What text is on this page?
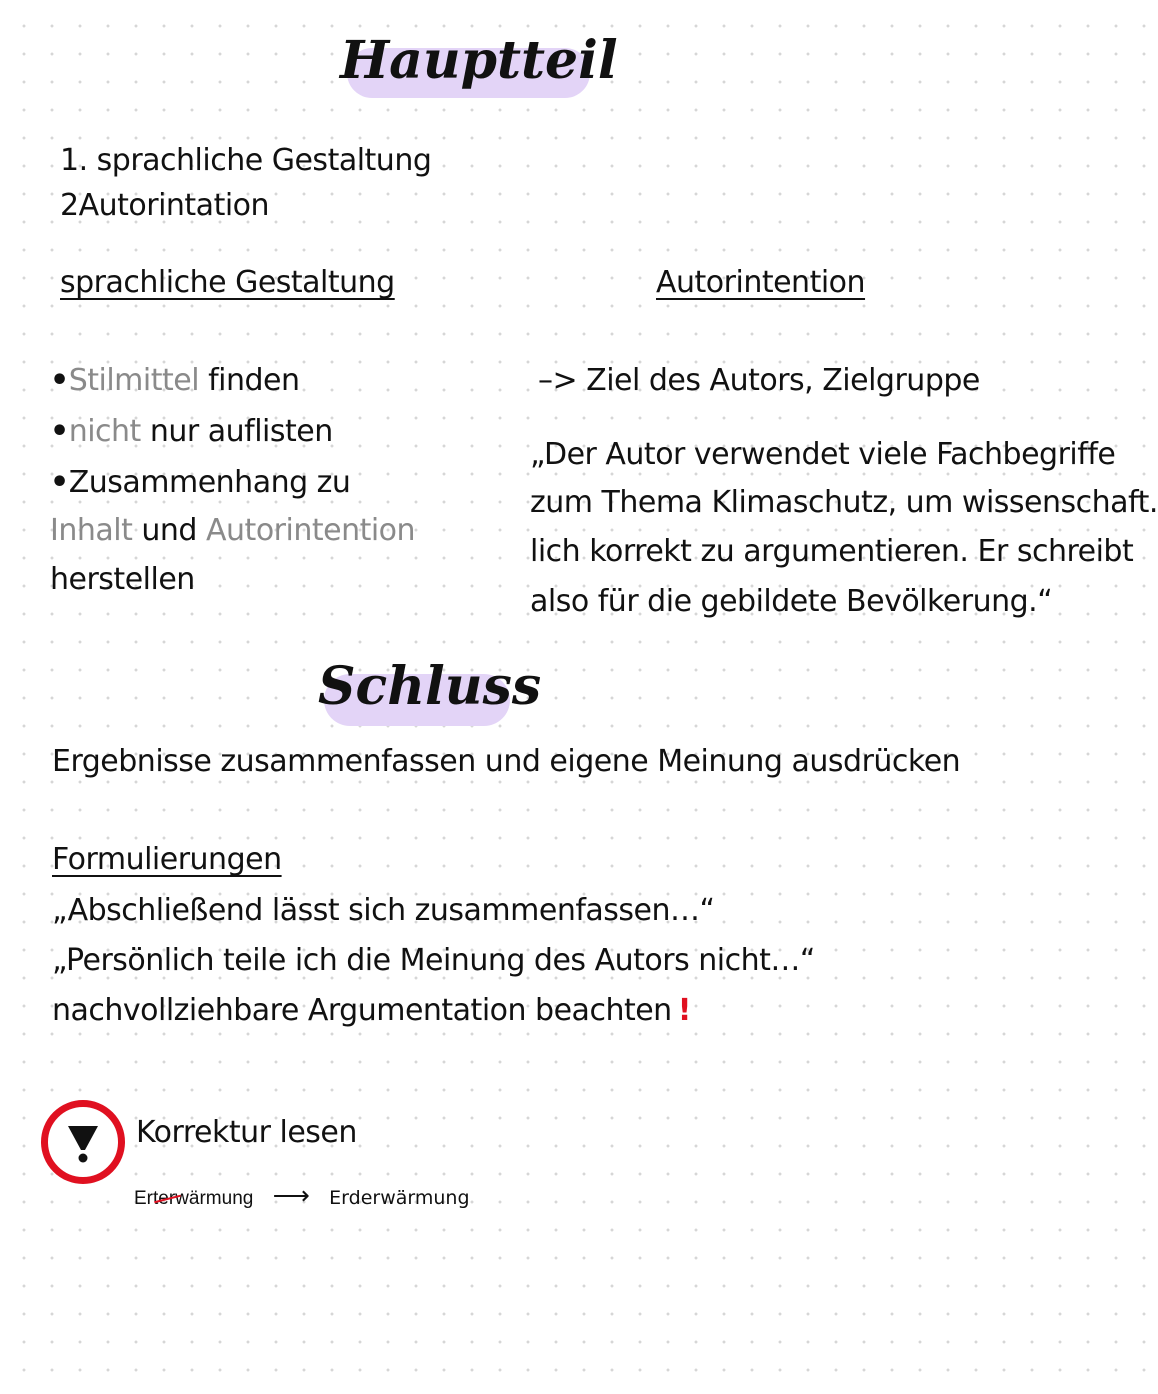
Hauptteil
1. sprachliche Gestaltung
2Autorintation
sprachliche Gestaltung	Autorintention
•Stilmittel finden
•nicht nur auflisten
•Zusammenhang zu
Inhalt und Autorintention
herstellen
–> Ziel des Autors, Zielgruppe
„Der Autor verwendet viele Fachbegriffe
zum Thema Klimaschutz, um wissenschaft.
lich korrekt zu argumentieren. Er schreibt
also für die gebildete Bevölkerung.“
Schluss
Ergebnisse zusammenfassen und eigene Meinung ausdrücken
Formulierungen
„Abschließend lässt sich zusammenfassen…“
„Persönlich teile ich die Meinung des Autors nicht…“
nachvollziehbare Argumentation beachten !
Korrektur lesen
Erterwärmung ⟶ Erderwärmung
